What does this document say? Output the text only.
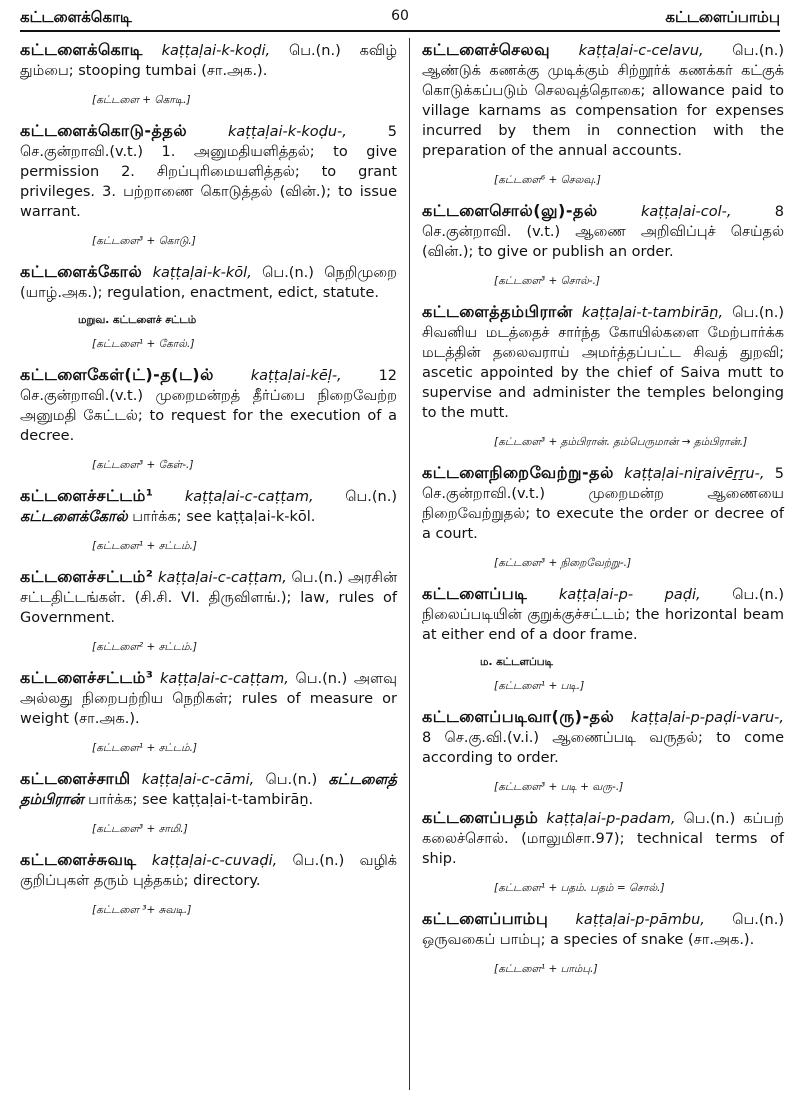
கட்டளைக்கொடி	60	கட்டளைப்பாம்பு

கட்டளைக்கொடி kaṭṭaḷai-k-koḍi, பெ.(n.) கவிழ் தும்பை; stooping tumbai (சா.அக.).

[கட்டளை + கொடி.]

கட்டளைக்கொடு-த்தல்	kaṭṭaḷai-k-koḍu-,	5 செ.குன்றாவி.(v.t.) 1. அனுமதியளித்தல்; to give permission 2. சிறப்புரிமையளித்தல்; to grant privileges. 3. பற்றாணை கொடுத்தல் (வின்.); to issue warrant.

[கட்டளை³ + கொடு.]

கட்டளைக்கோல் kaṭṭaḷai-k-kōl, பெ.(n.) நெறிமுறை (யாழ்.அக.); regulation, enactment, edict, statute.

மறுவ. கட்டளைச் சட்டம்

[கட்டளை¹ + கோல்.]

கட்டளைகேள்(ட்)-த(ட)ல்	kaṭṭaḷai-kēḷ-,	12 செ.குன்றாவி.(v.t.) முறைமன்றத் தீர்ப்பை நிறைவேற்ற அனுமதி கேட்டல்; to request for the execution of a decree.

[கட்டளை³ + கேள்-.]

கட்டளைச்சட்டம்¹ kaṭṭaḷai-c-caṭṭam, பெ.(n.) கட்டளைக்கோல் பார்க்க; see kaṭṭaḷai-k-kōl.

[கட்டளை¹ + சட்டம்.]

கட்டளைச்சட்டம்² kaṭṭaḷai-c-caṭṭam, பெ.(n.) அரசின் சட்டதிட்டங்கள். (சி.சி. VI. திருவிளங்.); law, rules of Government.

[கட்டளை² + சட்டம்.]

கட்டளைச்சட்டம்³ kaṭṭaḷai-c-caṭṭam, பெ.(n.) அளவு அல்லது நிறைபற்றிய நெறிகள்; rules of measure or weight (சா.அக.).

[கட்டளை¹ + சட்டம்.]

கட்டளைச்சாமி kaṭṭaḷai-c-cāmi, பெ.(n.) கட்டளைத் தம்பிரான் பார்க்க; see kaṭṭaḷai-t-tambirāṉ.

[கட்டளை³ + சாமி.]

கட்டளைச்சுவடி kaṭṭaḷai-c-cuvaḍi, பெ.(n.) வழிக் குறிப்புகள் தரும் புத்தகம்; directory.

[கட்டளை ³+ சுவடி.]

கட்டளைச்செலவு kaṭṭaḷai-c-celavu, பெ.(n.) ஆண்டுக் கணக்கு முடிக்கும் சிற்றூர்க் கணக்கர் கட்குக் கொடுக்கப்படும் செலவுத்தொகை; allowance paid to village karnams as compensation for expenses incurred by them in connection with the preparation of the annual accounts.

[கட்டளை⁶ + செலவு.]

கட்டளைசொல்(லு)-தல்	kaṭṭaḷai-col-,	8 செ.குன்றாவி. (v.t.) ஆணை அறிவிப்புச் செய்தல் (வின்.); to give or publish an order.

[கட்டளை³ + சொல்-.]

கட்டளைத்தம்பிரான் kaṭṭaḷai-t-tambirāṉ, பெ.(n.) சிவனிய மடத்தைச் சார்ந்த கோயில்களை மேற்பார்க்க மடத்தின் தலைவராய் அமர்த்தப்பட்ட சிவத் துறவி; ascetic appointed by the chief of Saiva mutt to supervise and administer the temples belonging to the mutt.

[கட்டளை³ + தம்பிரான். தம்பெருமான் → தம்பிரான்.]

கட்டளைநிறைவேற்று-தல் kaṭṭaḷai-niṟaivēṟṟu-, 5 செ.குன்றாவி.(v.t.) முறைமன்ற ஆணையை நிறைவேற்றுதல்; to execute the order or decree of a court.

[கட்டளை³ + நிறைவேற்று-.]

கட்டளைப்படி kaṭṭaḷai-p- paḍi, பெ.(n.) நிலைப்படியின் குறுக்குச்சட்டம்; the horizontal beam at either end of a door frame.

ம. கட்டளப்படி

[கட்டளை¹ + படி.]

கட்டளைப்படிவா(ரு)-தல் kaṭṭaḷai-p-paḍi-varu-, 8 செ.கு.வி.(v.i.) ஆணைப்படி வருதல்; to come according to order.

[கட்டளை³ + படி + வரு-.]

கட்டளைப்பதம் kaṭṭaḷai-p-padam, பெ.(n.) கப்பற் கலைச்சொல். (மாலுமிசா.97); technical terms of ship.

[கட்டளை¹ + பதம். பதம் = சொல்.]

கட்டளைப்பாம்பு kaṭṭaḷai-p-pāmbu, பெ.(n.) ஒருவகைப் பாம்பு; a species of snake (சா.அக.).

[கட்டளை¹ + பாம்பு.]
